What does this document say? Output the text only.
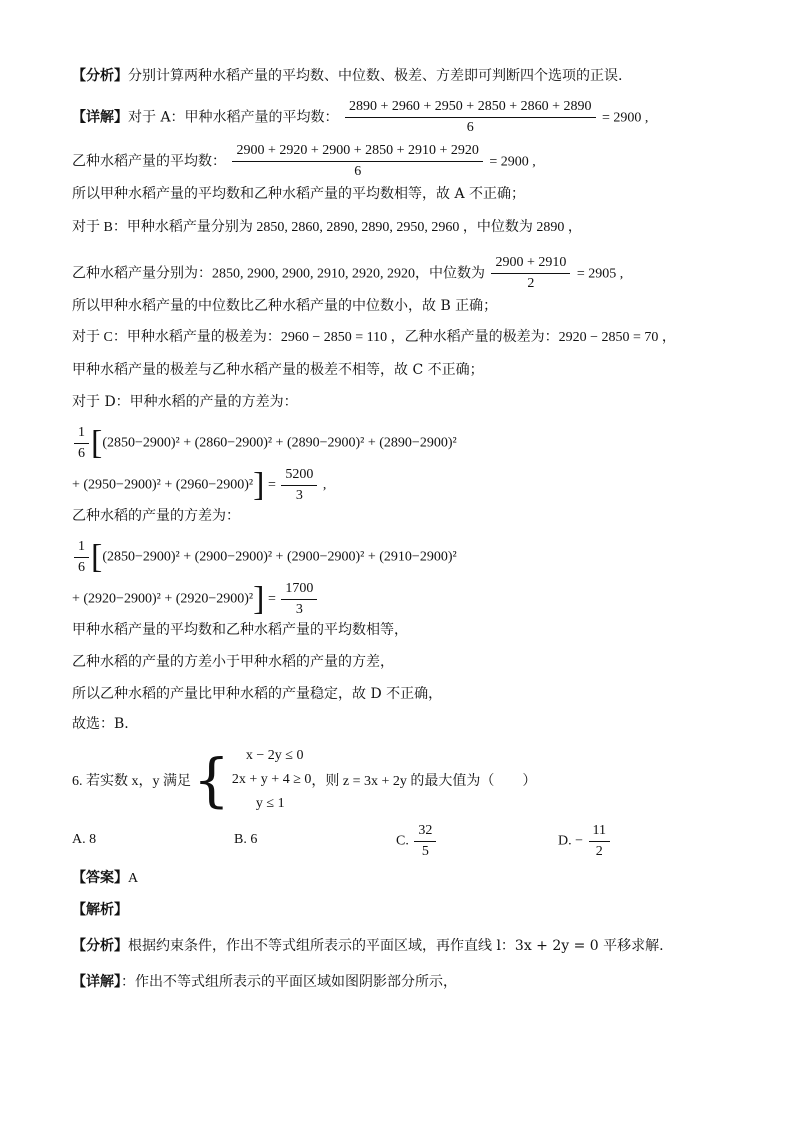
【分析】分别计算两种水稻产量的平均数、中位数、极差、方差即可判断四个选项的正误.
【详解】对于 A：甲种水稻产量的平均数： $\frac{2890 + 2960 + 2950 + 2850 + 2860 + 2890}{6} = 2900$ ,
乙种水稻产量的平均数： $\frac{2900 + 2920 + 2900 + 2850 + 2910 + 2920}{6} = 2900$ ,
所以甲种水稻产量的平均数和乙种水稻产量的平均数相等，故 A 不正确；
对于 B：甲种水稻产量分别为 2850, 2860, 2890, 2890, 2950, 2960 ，中位数为 2890 ，
乙种水稻产量分别为：2850, 2900, 2900, 2910, 2920, 2920，中位数为 $\frac{2900 + 2910}{2} = 2905$ ,
所以甲种水稻产量的中位数比乙种水稻产量的中位数小，故 B 正确；
对于 C：甲种水稻产量的极差为：2960 − 2850 = 110 ，乙种水稻产量的极差为：2920 − 2850 = 70 ，
甲种水稻产量的极差与乙种水稻产量的极差不相等，故 C 不正确；
对于 D：甲种水稻的产量的方差为：
$\frac{1}{6} [(2850-2900)^2 + (2860-2900)^2 + (2890-2900)^2 + (2890-2900)^2$
+ $(2950-2900)^2 + (2960-2900)^2] = \frac{5200}{3}$ ,
乙种水稻的产量的方差为：
$\frac{1}{6} [(2850-2900)^2 + (2900-2900)^2 + (2900-2900)^2 + (2910-2900)^2$
+ $(2920-2900)^2 + (2920-2900)^2] = \frac{1700}{3}$
甲种水稻产量的平均数和乙种水稻产量的平均数相等，
乙种水稻的产量的方差小于甲种水稻的产量的方差，
所以乙种水稻的产量比甲种水稻的产量稳定，故 D 不正确，
故选：B.
6. 若实数 x，y 满足 {	x − 2y ≤ 0
2x + y + 4 ≥ 0
y ≤ 1
，则 z = 3x + 2y 的最大值为（　　）
A. 8	B. 6	C. $\frac{32}{5}$	D. − $\frac{11}{2}$
【答案】A
【解析】
【分析】根据约束条件，作出不等式组所表示的平面区域，再作直线 l：3x + 2y = 0 平移求解.
【详解】：作出不等式组所表示的平面区域如图阴影部分所示，
